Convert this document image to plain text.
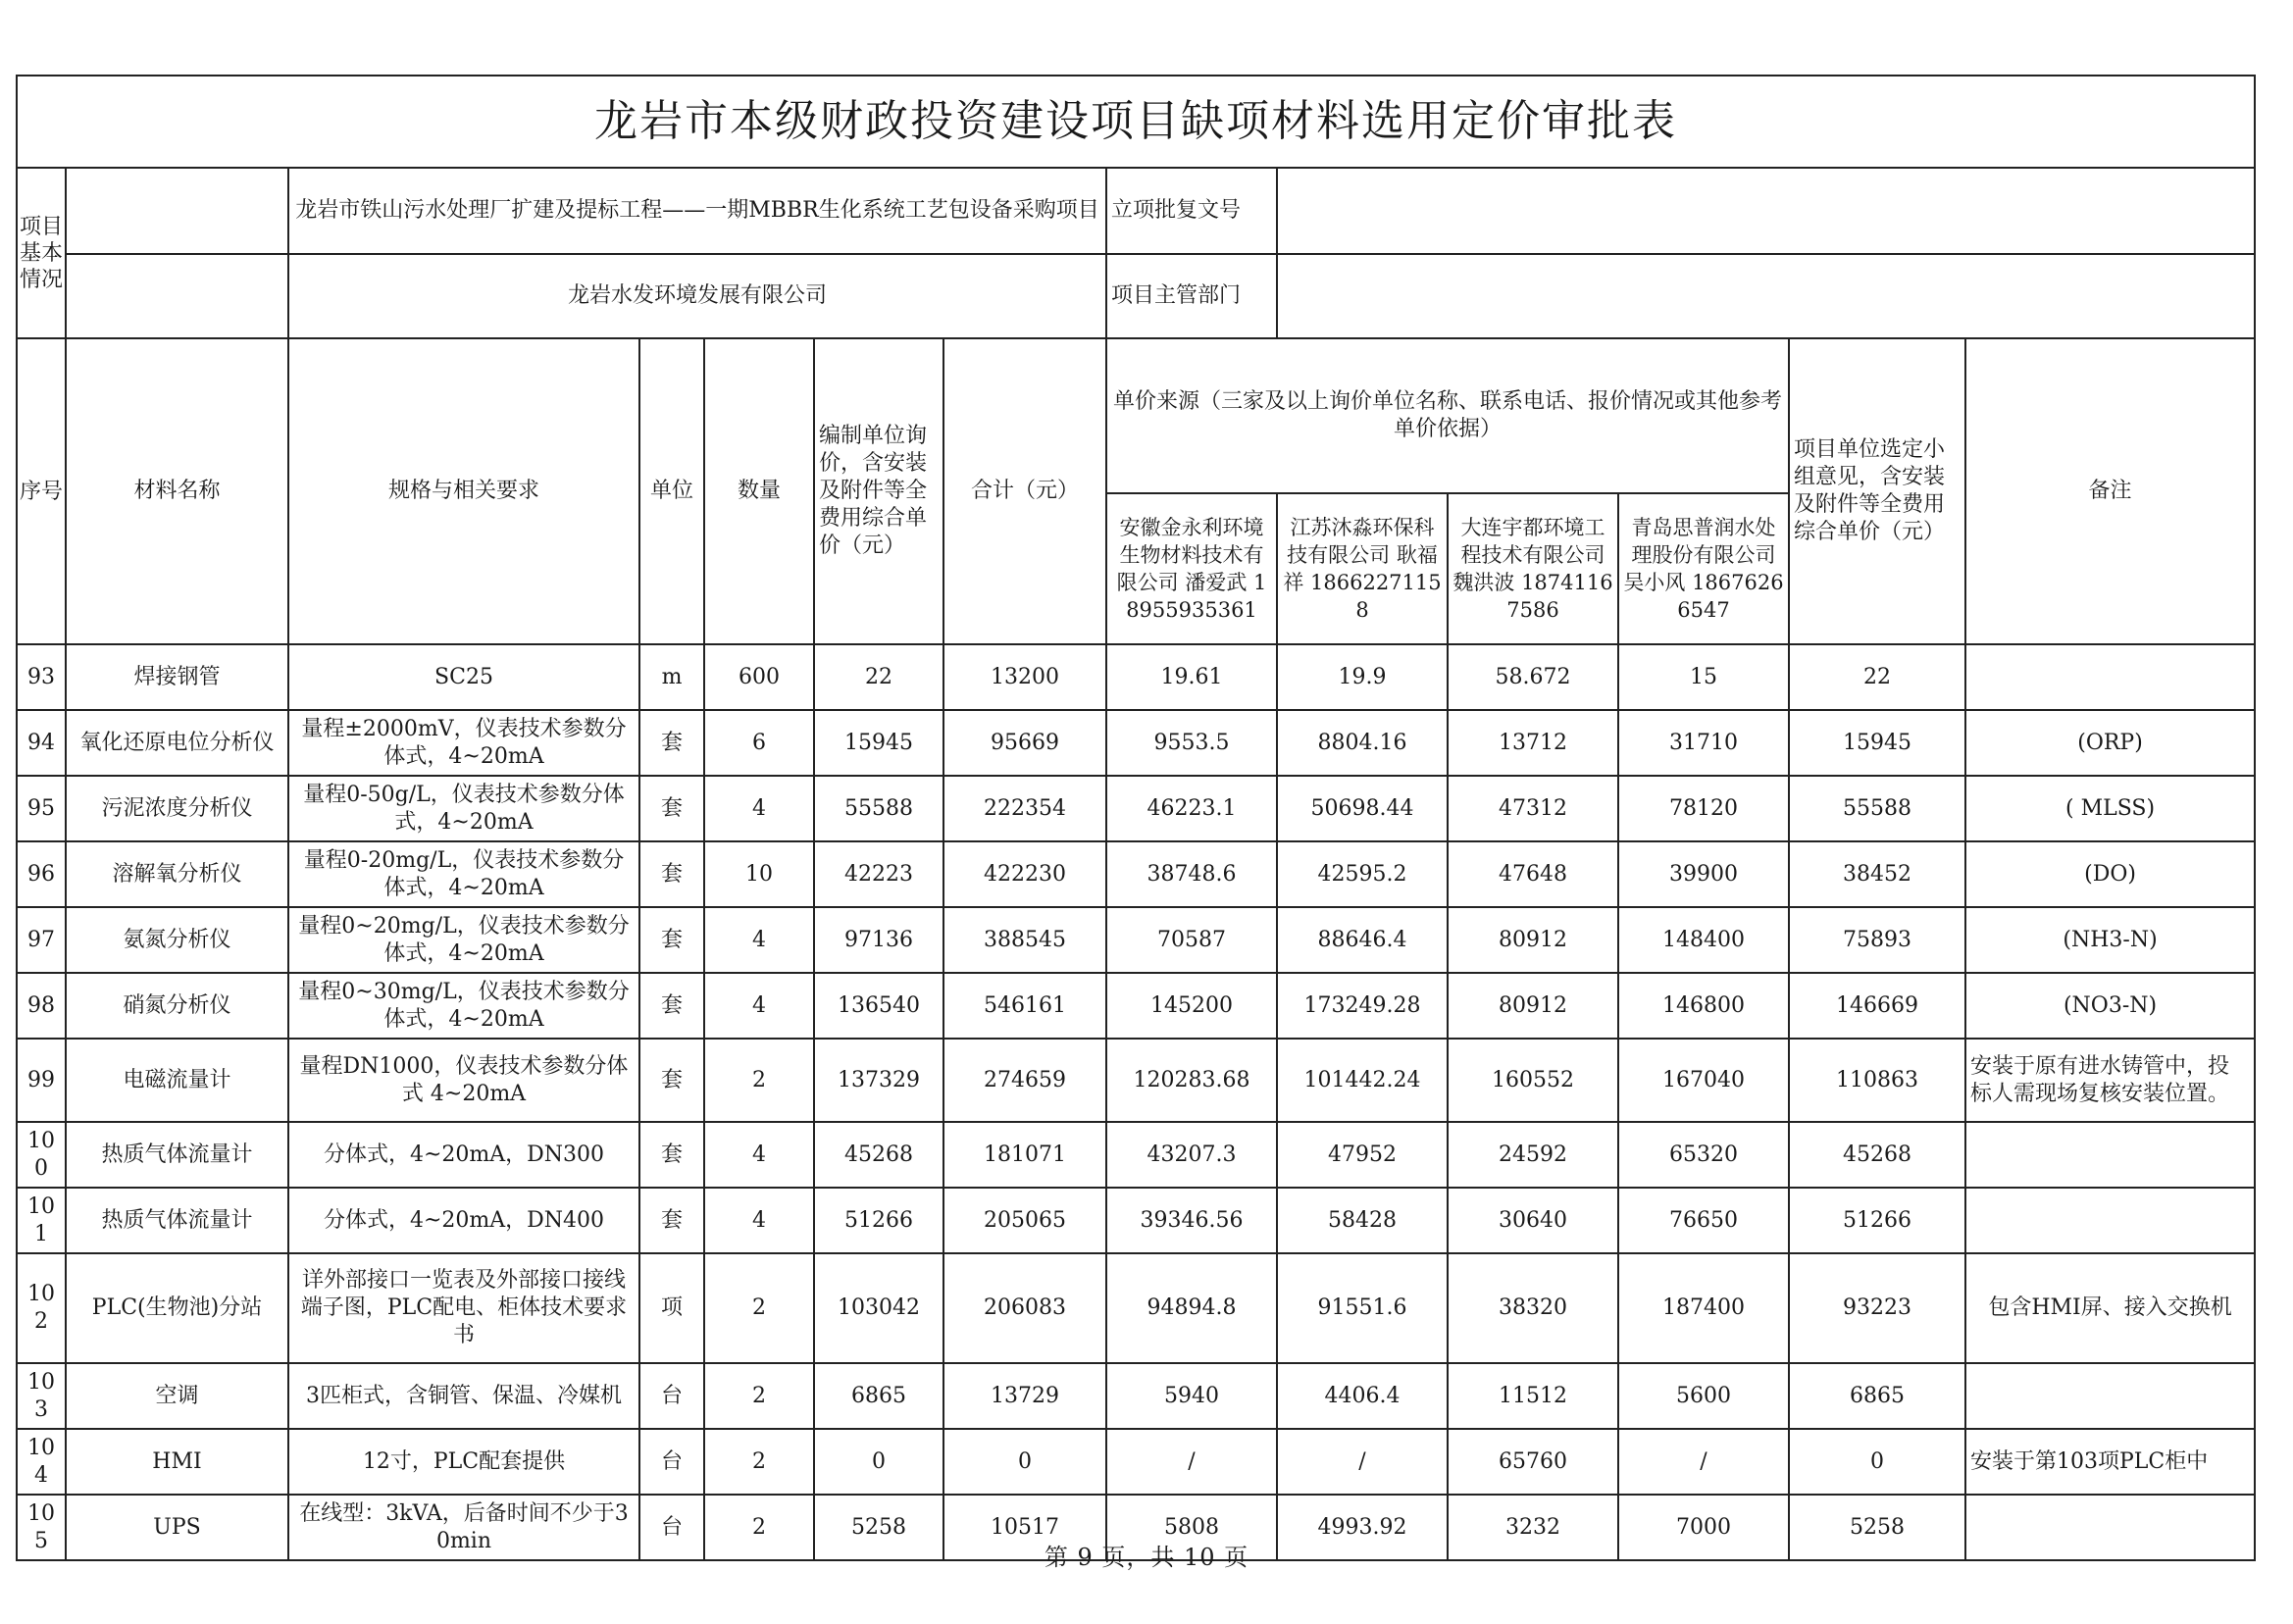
龙岩市本级财政投资建设项目缺项材料选用定价审批表												
项目基本情况		龙岩市铁山污水处理厂扩建及提标工程——一期MBBR生化系统工艺包设备采购项目					立项批复文号					
		龙岩水发环境发展有限公司					项目主管部门					
序号	材料名称	规格与相关要求	单位	数量	编制单位询价，含安装及附件等全费用综合单价（元）	合计（元）	单价来源（三家及以上询价单位名称、联系电话、报价情况或其他参考单价依据）				项目单位选定小组意见，含安装及附件等全费用综合单价（元）	备注
							安徽金永利环境生物材料技术有限公司 潘爱武 18955935361	江苏沐淼环保科技有限公司 耿福祥 18662271158	大连宇都环境工程技术有限公司 魏洪波 18741167586	青岛思普润水处理股份有限公司 吴小风 18676266547		
93	焊接钢管	SC25	m	600	22	13200	19.61	19.9	58.672	15	22	
94	氧化还原电位分析仪	量程±2000mV，仪表技术参数分体式，4~20mA	套	6	15945	95669	9553.5	8804.16	13712	31710	15945	(ORP)
95	污泥浓度分析仪	量程0-50g/L，仪表技术参数分体式，4~20mA	套	4	55588	222354	46223.1	50698.44	47312	78120	55588	( MLSS)
96	溶解氧分析仪	量程0-20mg/L，仪表技术参数分体式，4~20mA	套	10	42223	422230	38748.6	42595.2	47648	39900	38452	(DO)
97	氨氮分析仪	量程0~20mg/L，仪表技术参数分体式，4~20mA	套	4	97136	388545	70587	88646.4	80912	148400	75893	(NH3-N)
98	硝氮分析仪	量程0~30mg/L，仪表技术参数分体式，4~20mA	套	4	136540	546161	145200	173249.28	80912	146800	146669	(NO3-N)
99	电磁流量计	量程DN1000，仪表技术参数分体式 4~20mA	套	2	137329	274659	120283.68	101442.24	160552	167040	110863	安装于原有进水铸管中，投标人需现场复核安装位置。
100	热质气体流量计	分体式，4~20mA，DN300	套	4	45268	181071	43207.3	47952	24592	65320	45268	
101	热质气体流量计	分体式，4~20mA，DN400	套	4	51266	205065	39346.56	58428	30640	76650	51266	
102	PLC(生物池)分站	详外部接口一览表及外部接口接线端子图，PLC配电、柜体技术要求书	项	2	103042	206083	94894.8	91551.6	38320	187400	93223	包含HMI屏、接入交换机
103	空调	3匹柜式，含铜管、保温、冷媒机	台	2	6865	13729	5940	4406.4	11512	5600	6865	
104	HMI	12寸，PLC配套提供	台	2	0	0	/	/	65760	/	0	安装于第103项PLC柜中
105	UPS	在线型：3kVA，后备时间不少于30min	台	2	5258	10517	5808	4993.92	3232	7000	5258	
第 9 页，共 10 页
